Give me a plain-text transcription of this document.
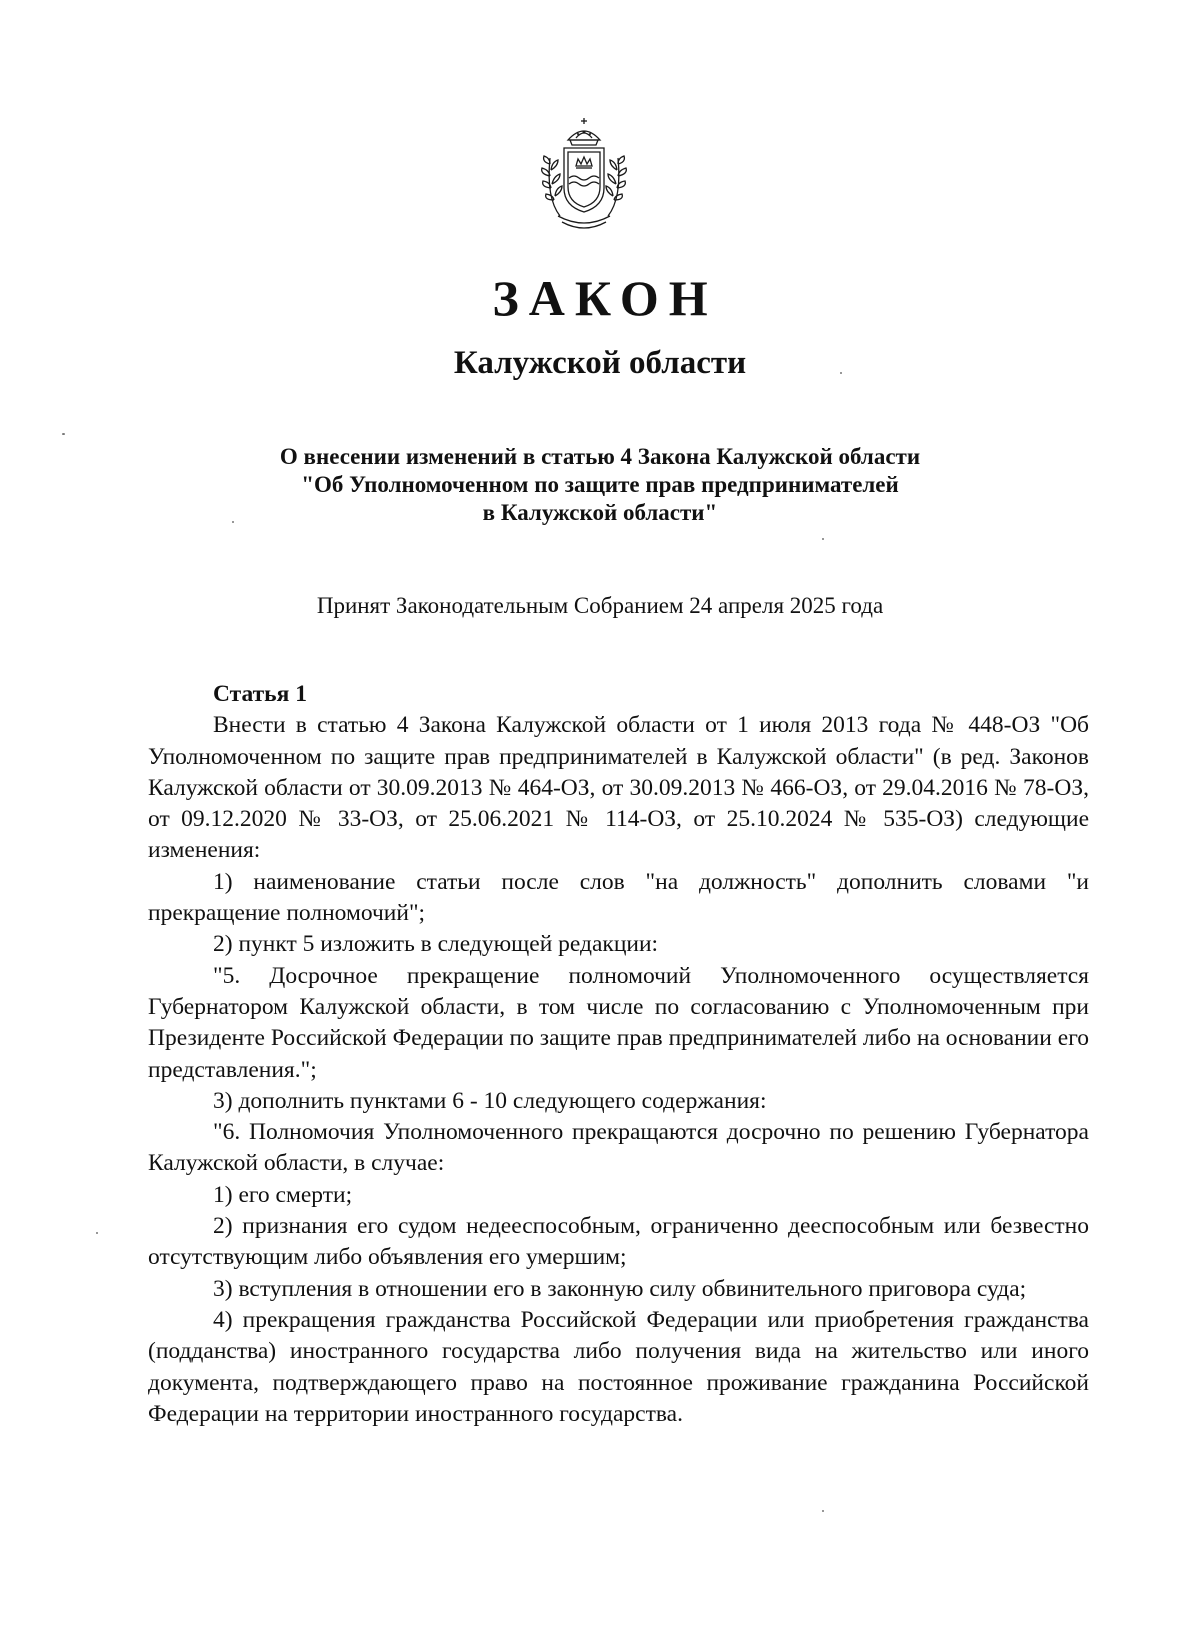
ЗАКОН
Калужской области
О внесении изменений в статью 4 Закона Калужской области
"Об Уполномоченном по защите прав предпринимателей
в Калужской области"
Принят Законодательным Собранием 24 апреля 2025 года

Статья 1

Внести в статью 4 Закона Калужской области от 1 июля 2013 года № 448-ОЗ "Об Уполномоченном по защите прав предпринимателей в Калужской области" (в ред. Законов Калужской области от 30.09.2013 № 464-ОЗ, от 30.09.2013 № 466-ОЗ, от 29.04.2016 № 78-ОЗ, от 09.12.2020 № 33-ОЗ, от 25.06.2021 № 114-ОЗ, от 25.10.2024 № 535-ОЗ) следующие изменения:

1) наименование статьи после слов "на должность" дополнить словами "и прекращение полномочий";

2) пункт 5 изложить в следующей редакции:

"5. Досрочное прекращение полномочий Уполномоченного осуществляется Губернатором Калужской области, в том числе по согласованию с Уполномоченным при Президенте Российской Федерации по защите прав предпринимателей либо на основании его представления.";

3) дополнить пунктами 6 - 10 следующего содержания:

"6. Полномочия Уполномоченного прекращаются досрочно по решению Губернатора Калужской области, в случае:

1) его смерти;

2) признания его судом недееспособным, ограниченно дееспособным или безвестно отсутствующим либо объявления его умершим;

3) вступления в отношении его в законную силу обвинительного приговора суда;

4) прекращения гражданства Российской Федерации или приобретения гражданства (подданства) иностранного государства либо получения вида на жительство или иного документа, подтверждающего право на постоянное проживание гражданина Российской Федерации на территории иностранного государства.
